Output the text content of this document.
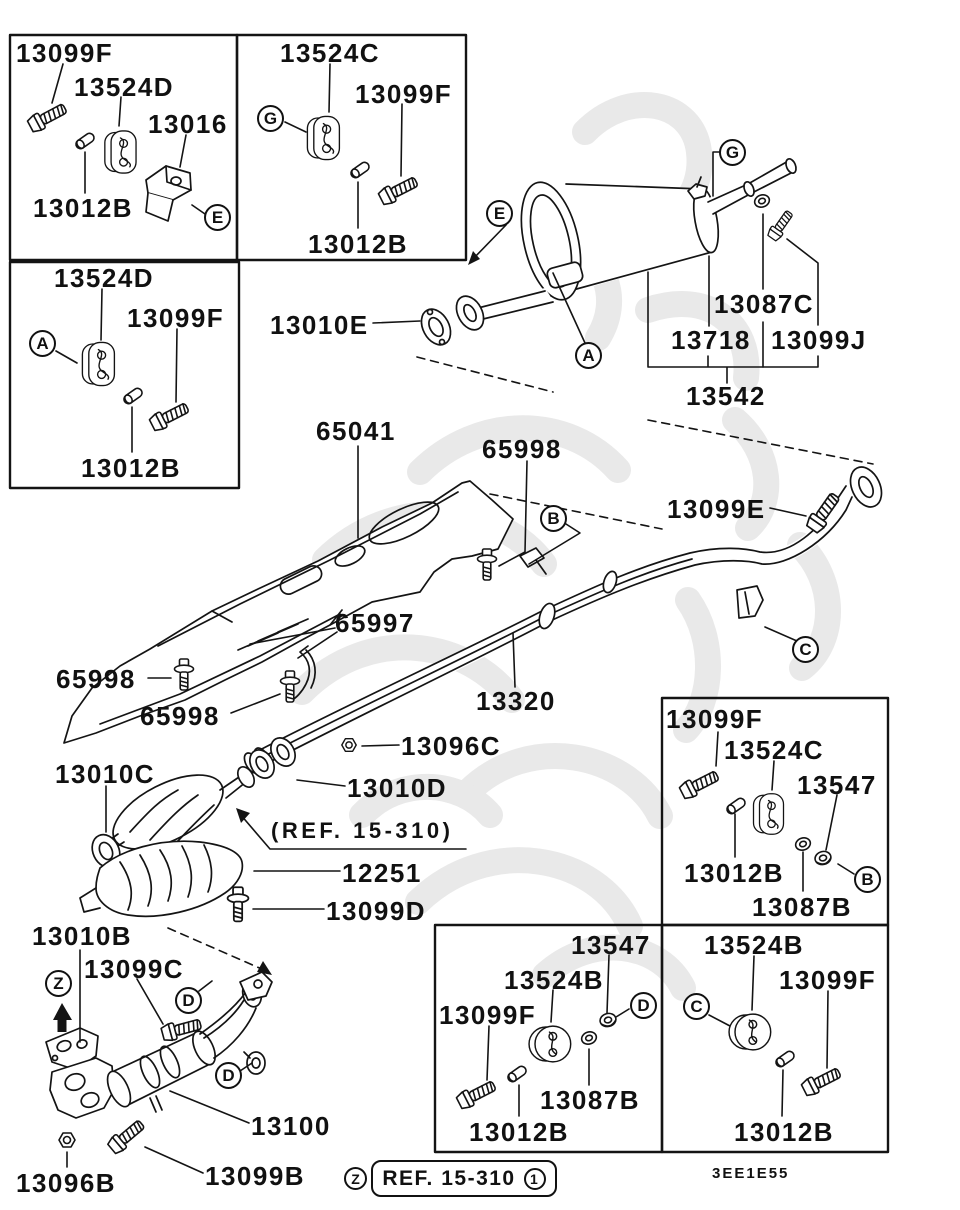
13099F
13524D
13016
13012B
13524C
13099F
13012B
13524D
13099F
13012B
13010E
13087C
13718 13099J
13542
65041
65998
13099E
65998
65998
65997
13320
13096C
13010D
(REF. 15-310)
12251
13099D
13010C
13010B
13099C
13100
13099B
13096B
13099F
13524C
13547
13012B
13087B
13547
13524B
13099F
13087B
13012B
13524B
13099F
13012B
E
G
A
E
G
A
B
C
B
D	C
Z
D
D
Z	REF. 15-310	1	3EE1E55
